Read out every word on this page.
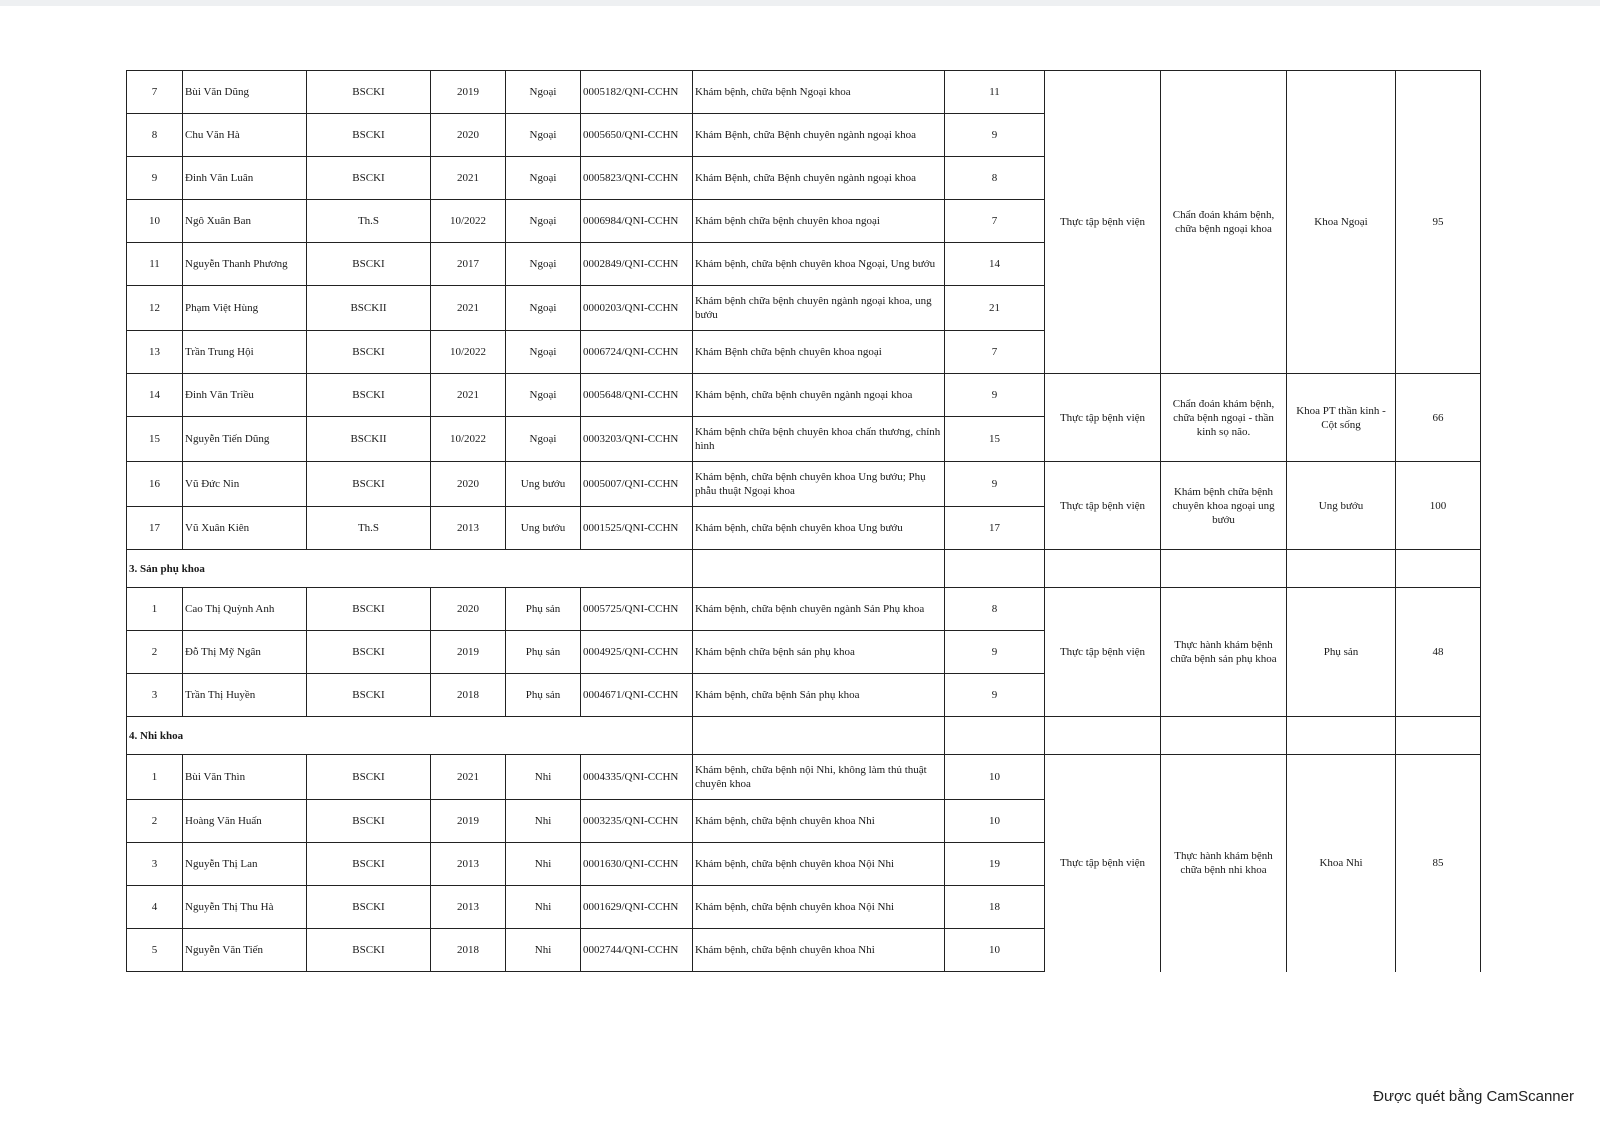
7	Bùi Văn Dũng	BSCKI	2019	Ngoại	0005182/QNI-CCHN	Khám bệnh, chữa bệnh Ngoại khoa	11	Thực tập bệnh viện	Chẩn đoán khám bệnh, chữa bệnh ngoại khoa	Khoa Ngoại	95
8	Chu Văn Hà	BSCKI	2020	Ngoại	0005650/QNI-CCHN	Khám Bệnh, chữa Bệnh chuyên ngành ngoại khoa	9				
9	Đinh Văn Luân	BSCKI	2021	Ngoại	0005823/QNI-CCHN	Khám Bệnh, chữa Bệnh chuyên ngành ngoại khoa	8				
10	Ngô Xuân Ban	Th.S	10/2022	Ngoại	0006984/QNI-CCHN	Khám bệnh chữa bệnh chuyên khoa ngoại	7				
11	Nguyễn Thanh Phương	BSCKI	2017	Ngoại	0002849/QNI-CCHN	Khám bệnh, chữa bệnh chuyên khoa Ngoại, Ung bướu	14				
12	Phạm Việt Hùng	BSCKII	2021	Ngoại	0000203/QNI-CCHN	Khám bệnh chữa bệnh chuyên ngành ngoại khoa, ung bướu	21				
13	Trần Trung Hội	BSCKI	10/2022	Ngoại	0006724/QNI-CCHN	Khám Bệnh chữa bệnh chuyên khoa ngoại	7				
14	Đinh Văn Triều	BSCKI	2021	Ngoại	0005648/QNI-CCHN	Khám bệnh, chữa bệnh chuyên ngành ngoại khoa	9	Thực tập bệnh viện	Chẩn đoán khám bệnh, chữa bệnh ngoại - thần kinh sọ não.	Khoa PT thần kinh - Cột sống	66
15	Nguyễn Tiến Dũng	BSCKII	10/2022	Ngoại	0003203/QNI-CCHN	Khám bệnh chữa bệnh chuyên khoa chấn thương, chỉnh hình	15				
16	Vũ Đức Nin	BSCKI	2020	Ung bướu	0005007/QNI-CCHN	Khám bệnh, chữa bệnh chuyên khoa Ung bướu; Phụ phẫu thuật Ngoại khoa	9	Thực tập bệnh viện	Khám bệnh chữa bệnh chuyên khoa ngoại ung bướu	Ung bướu	100
17	Vũ Xuân Kiên	Th.S	2013	Ung bướu	0001525/QNI-CCHN	Khám bệnh, chữa bệnh chuyên khoa Ung bướu	17				
3. Sản phụ khoa											
1	Cao Thị Quỳnh Anh	BSCKI	2020	Phụ sản	0005725/QNI-CCHN	Khám bệnh, chữa bệnh chuyên ngành Sản Phụ khoa	8	Thực tập bệnh viện	Thực hành khám bệnh chữa bệnh sản phụ khoa	Phụ sản	48
2	Đỗ Thị Mỹ Ngân	BSCKI	2019	Phụ sản	0004925/QNI-CCHN	Khám bệnh chữa bệnh sản phụ khoa	9				
3	Trần Thị Huyền	BSCKI	2018	Phụ sản	0004671/QNI-CCHN	Khám bệnh, chữa bệnh Sản phụ khoa	9				
4. Nhi khoa											
1	Bùi Văn Thìn	BSCKI	2021	Nhi	0004335/QNI-CCHN	Khám bệnh, chữa bệnh nội Nhi, không làm thủ thuật chuyên khoa	10	Thực tập bệnh viện	Thực hành khám bệnh chữa bệnh nhi khoa	Khoa Nhi	85
2	Hoàng Văn Huấn	BSCKI	2019	Nhi	0003235/QNI-CCHN	Khám bệnh, chữa bệnh chuyên khoa Nhi	10				
3	Nguyễn Thị Lan	BSCKI	2013	Nhi	0001630/QNI-CCHN	Khám bệnh, chữa bệnh chuyên khoa Nội Nhi	19				
4	Nguyễn Thị Thu Hà	BSCKI	2013	Nhi	0001629/QNI-CCHN	Khám bệnh, chữa bệnh chuyên khoa Nội Nhi	18				
5	Nguyễn Văn Tiến	BSCKI	2018	Nhi	0002744/QNI-CCHN	Khám bệnh, chữa bệnh chuyên khoa Nhi	10				
Được quét bằng CamScanner
